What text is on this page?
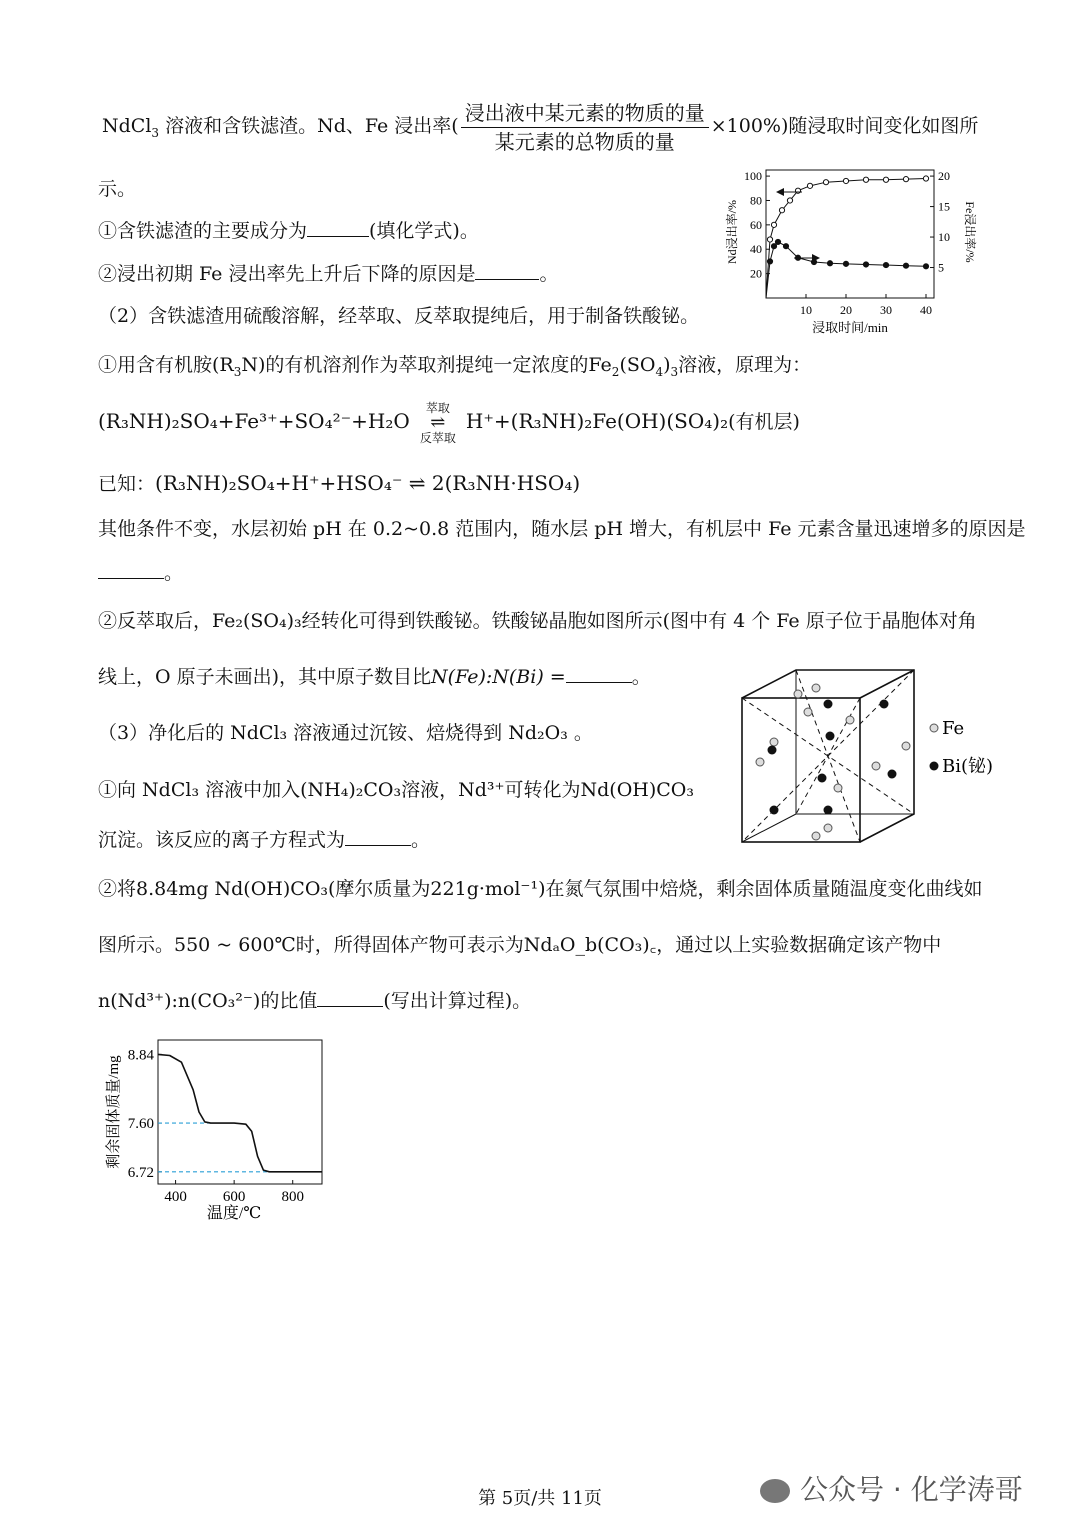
NdCl$_3$ 溶液和含铁滤渣。Nd、Fe 浸出率( $\frac{\text{浸出液中某元素的物质的量}}{\text{某元素的总物质的量}} \times 100\%$)随浸取时间变化如图所
示。
①含铁滤渣的主要成分为	(填化学式)。
②浸出初期 Fe 浸出率先上升后下降的原因是	。
（2）含铁滤渣用硫酸溶解，经萃取、反萃取提纯后，用于制备铁酸铋。
①用含有机胺$(R_3N)$的有机溶剂作为萃取剂提纯一定浓度的$Fe_2(SO_4)_3$溶液，原理为：
(R₃NH)₂SO₄+Fe³⁺+SO₄²⁻+H₂O
萃取
⇌
反萃取
H⁺+(R₃NH)₂Fe(OH)(SO₄)₂(有机层)
已知：(R₃NH)₂SO₄+H⁺+HSO₄⁻ ⇌ 2(R₃NH·HSO₄)
其他条件不变，水层初始 pH 在 0.2~0.8 范围内，随水层 pH 增大，有机层中 Fe 元素含量迅速增多的原因是
。
②反萃取后，Fe₂(SO₄)₃经转化可得到铁酸铋。铁酸铋晶胞如图所示(图中有 4 个 Fe 原子位于晶胞体对角
线上，O 原子未画出)，其中原子数目比N(Fe):N(Bi) =	。
（3）净化后的 NdCl₃ 溶液通过沉铵、焙烧得到 Nd₂O₃ 。
①向 NdCl₃ 溶液中加入(NH₄)₂CO₃溶液，Nd³⁺可转化为Nd(OH)CO₃
沉淀。该反应的离子方程式为	。
②将8.84mg Nd(OH)CO₃(摩尔质量为221g·mol⁻¹)在氮气氛围中焙烧，剩余固体质量随温度变化曲线如
图所示。550 ~ 600℃时，所得固体产物可表示为NdₐO_b(CO₃)꜀，通过以上实验数据确定该产物中
n(Nd³⁺):n(CO₃²⁻)的比值	(写出计算过程)。
10 20 30 40
20
40
60
80
100
5
10
15
20
Nd浸出率/%	Fe浸出率/%
浸取时间/min
Fe
Bi(铋)
400 600 800
6.72
7.60
8.84
剩余固体质量/mg
温度/℃
第 5页/共 11页	公众号 · 化学涛哥
